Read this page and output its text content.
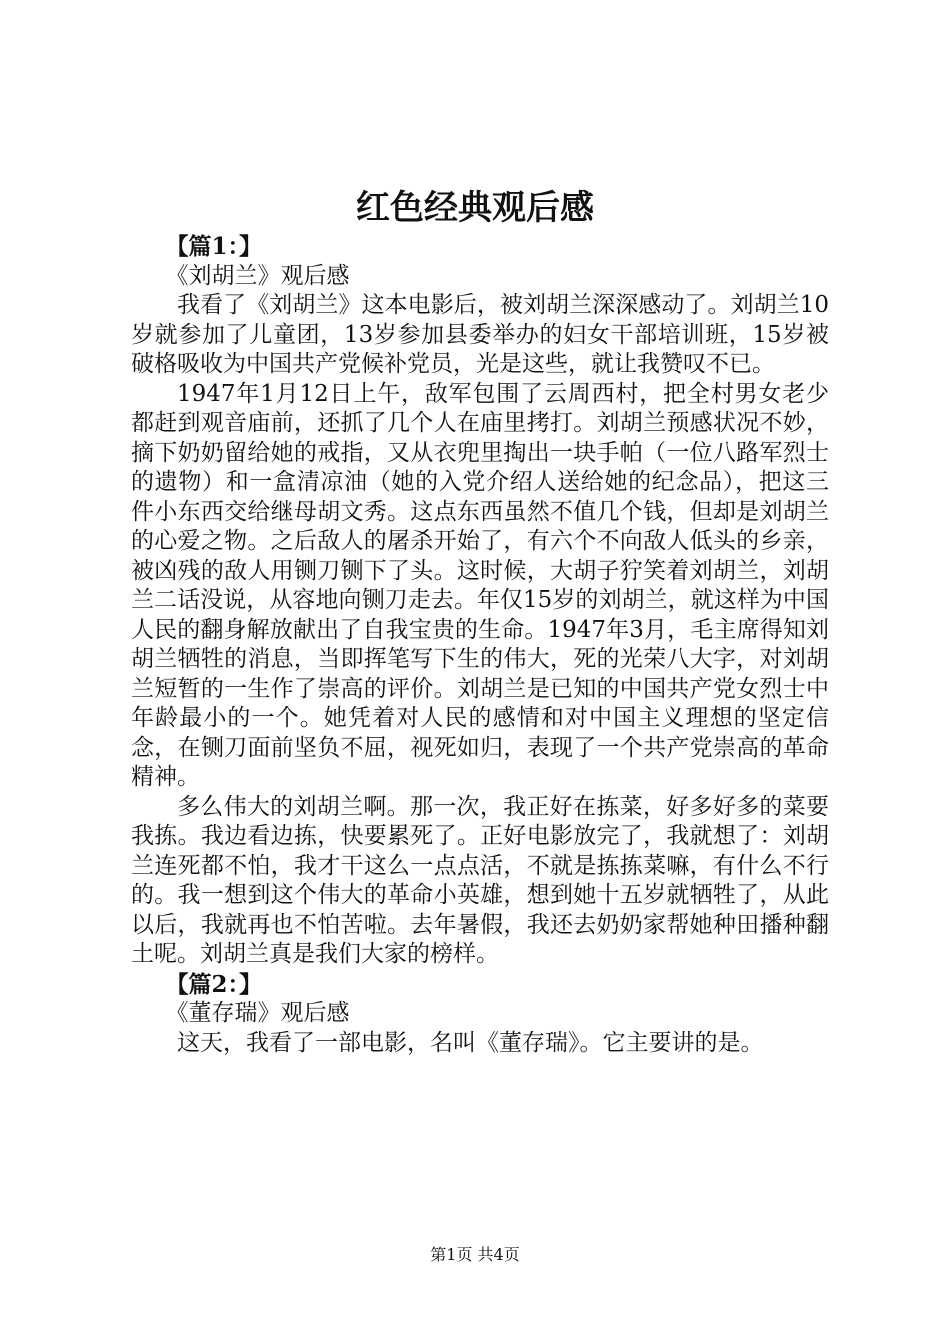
红色经典观后感

【篇1：】

《刘胡兰》观后感

我看了《刘胡兰》这本电影后，被刘胡兰深深感动了。刘胡兰10岁就参加了儿童团，13岁参加县委举办的妇女干部培训班，15岁被破格吸收为中国共产党候补党员，光是这些，就让我赞叹不已。

1947年1月12日上午，敌军包围了云周西村，把全村男女老少都赶到观音庙前，还抓了几个人在庙里拷打。刘胡兰预感状况不妙，摘下奶奶留给她的戒指，又从衣兜里掏出一块手帕（一位八路军烈士的遗物）和一盒清凉油（她的入党介绍人送给她的纪念品），把这三件小东西交给继母胡文秀。这点东西虽然不值几个钱，但却是刘胡兰的心爱之物。之后敌人的屠杀开始了，有六个不向敌人低头的乡亲，被凶残的敌人用铡刀铡下了头。这时候，大胡子狞笑着刘胡兰，刘胡兰二话没说，从容地向铡刀走去。年仅15岁的刘胡兰，就这样为中国人民的翻身解放献出了自我宝贵的生命。1947年3月，毛主席得知刘胡兰牺牲的消息，当即挥笔写下生的伟大，死的光荣八大字，对刘胡兰短暂的一生作了崇高的评价。刘胡兰是已知的中国共产党女烈士中年龄最小的一个。她凭着对人民的感情和对中国主义理想的坚定信念，在铡刀面前坚负不屈，视死如归，表现了一个共产党崇高的革命精神。

多么伟大的刘胡兰啊。那一次，我正好在拣菜，好多好多的菜要我拣。我边看边拣，快要累死了。正好电影放完了，我就想了：刘胡兰连死都不怕，我才干这么一点点活，不就是拣拣菜嘛，有什么不行的。我一想到这个伟大的革命小英雄，想到她十五岁就牺牲了，从此以后，我就再也不怕苦啦。去年暑假，我还去奶奶家帮她种田播种翻土呢。刘胡兰真是我们大家的榜样。

【篇2：】

《董存瑞》观后感

这天，我看了一部电影，名叫《董存瑞》。它主要讲的是。

第1页 共4页
